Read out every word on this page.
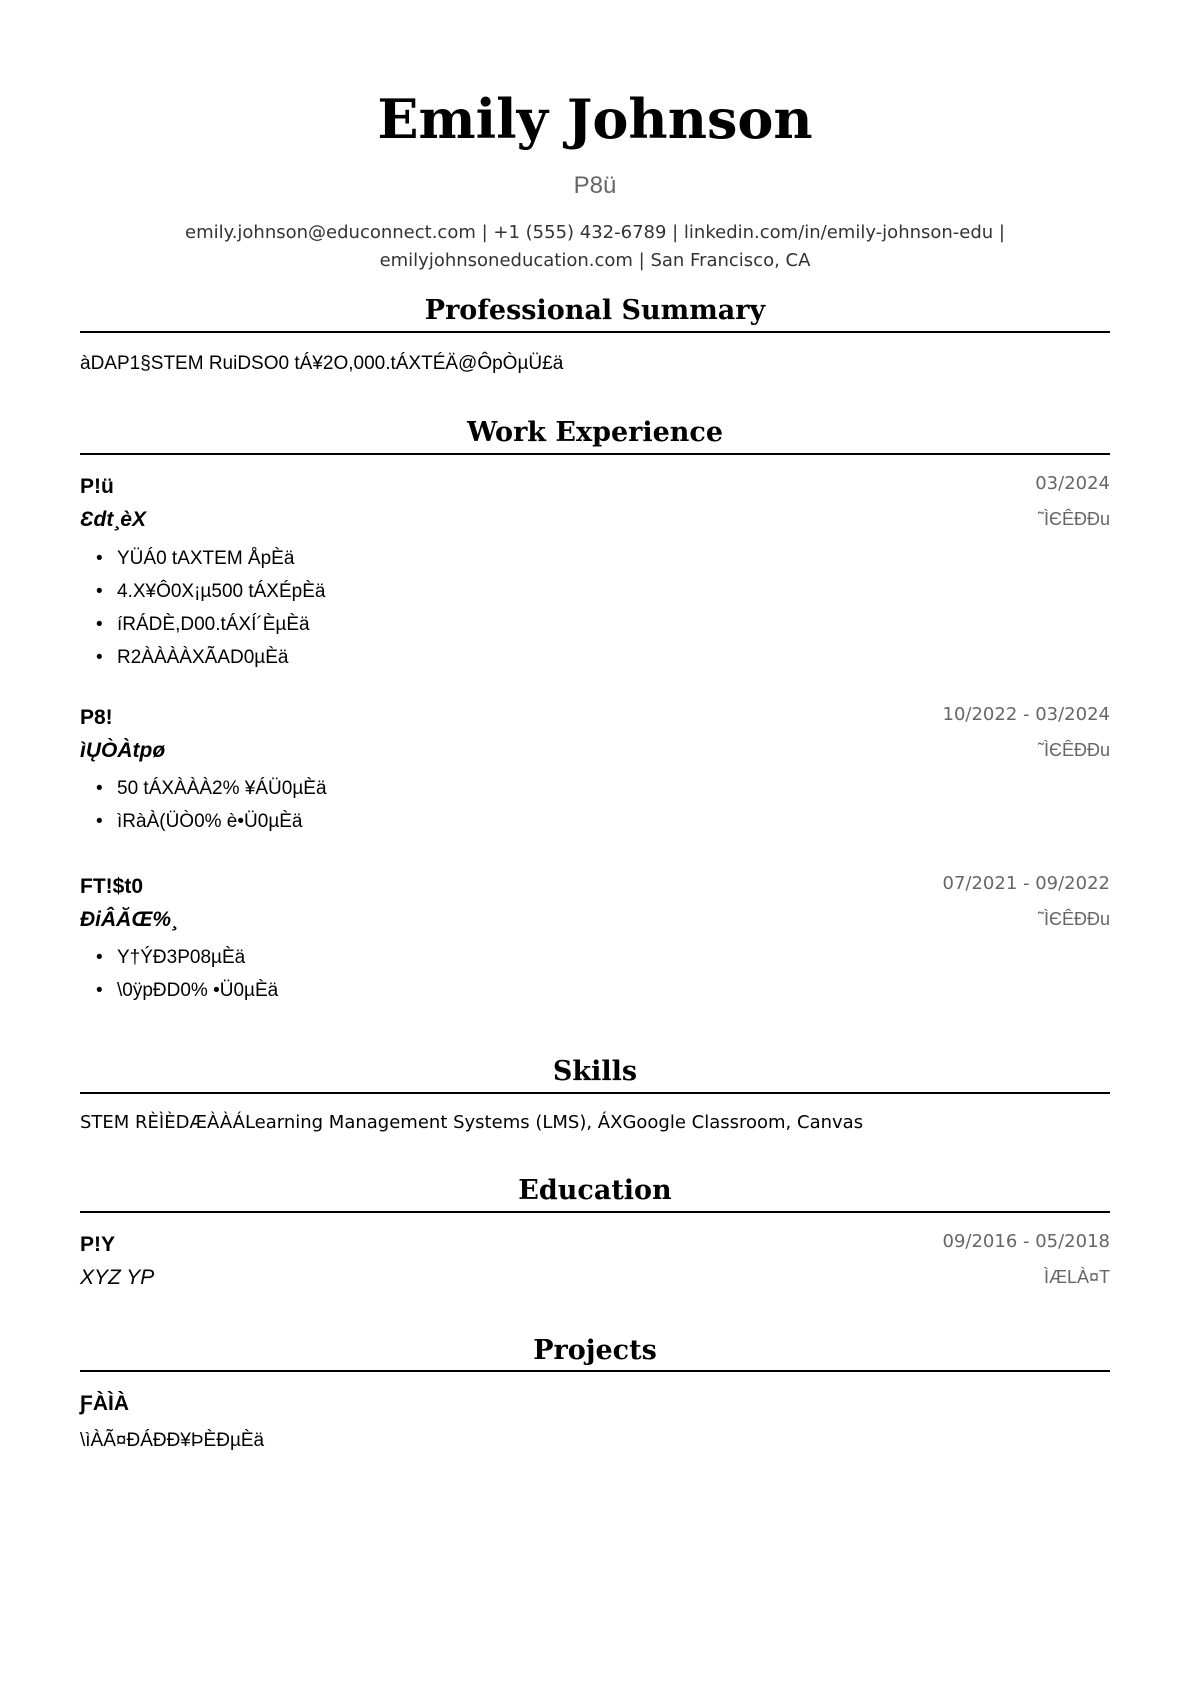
Emily Johnson
P8ü
emily.johnson@educonnect.com | +1 (555) 432-6789 | linkedin.com/in/emily-johnson-edu |
emilyjohnsoneducation.com | San Francisco, CA
Professional Summary
àDAP1§STEM RuiDSO0 tÁ¥2O,000.tÁXTÉÄ@ÔpÒµÜ£ä
Work Experience
P!ü	03/2024
Ɛdt¸èX	˜ÌЄÊÐÐu
• YÜÁ0 tAXTEM ÅpÈä
• 4.X¥Ô0X¡µ500 tÁXÉpÈä
• íRÁDÈ,D00.tÁXÍ´ÈµÈä
• R2ÀÀÀÀXÃAD0µÈä
P8!	10/2022 - 03/2024
ìŲÒÀtpø	˜ÌЄÊÐÐu
• 50 tÁXÀÀÀ2% ¥ÁÜ0µÈä
• ìRàÀ(ÜÒ0% è•Ü0µÈä
FT!$t0	07/2021 - 09/2022
ÐiÂĂŒ%¸	˜ÌЄÊÐÐu
• Y†ÝÐ3P08µÈä
• \0ÿpÐD0% •Ü0µÈä
Skills
STEM RÈÌÈDÆÀÀÁLearning Management Systems (LMS), ÁXGoogle Classroom, Canvas
Education
P!Y	09/2016 - 05/2018
XYZ YP	ÌÆLÀ¤T
Projects
ƑÀÌÀ
\ìÀÃ¤ÐÁÐÐ¥ÞÈÐµÈä
